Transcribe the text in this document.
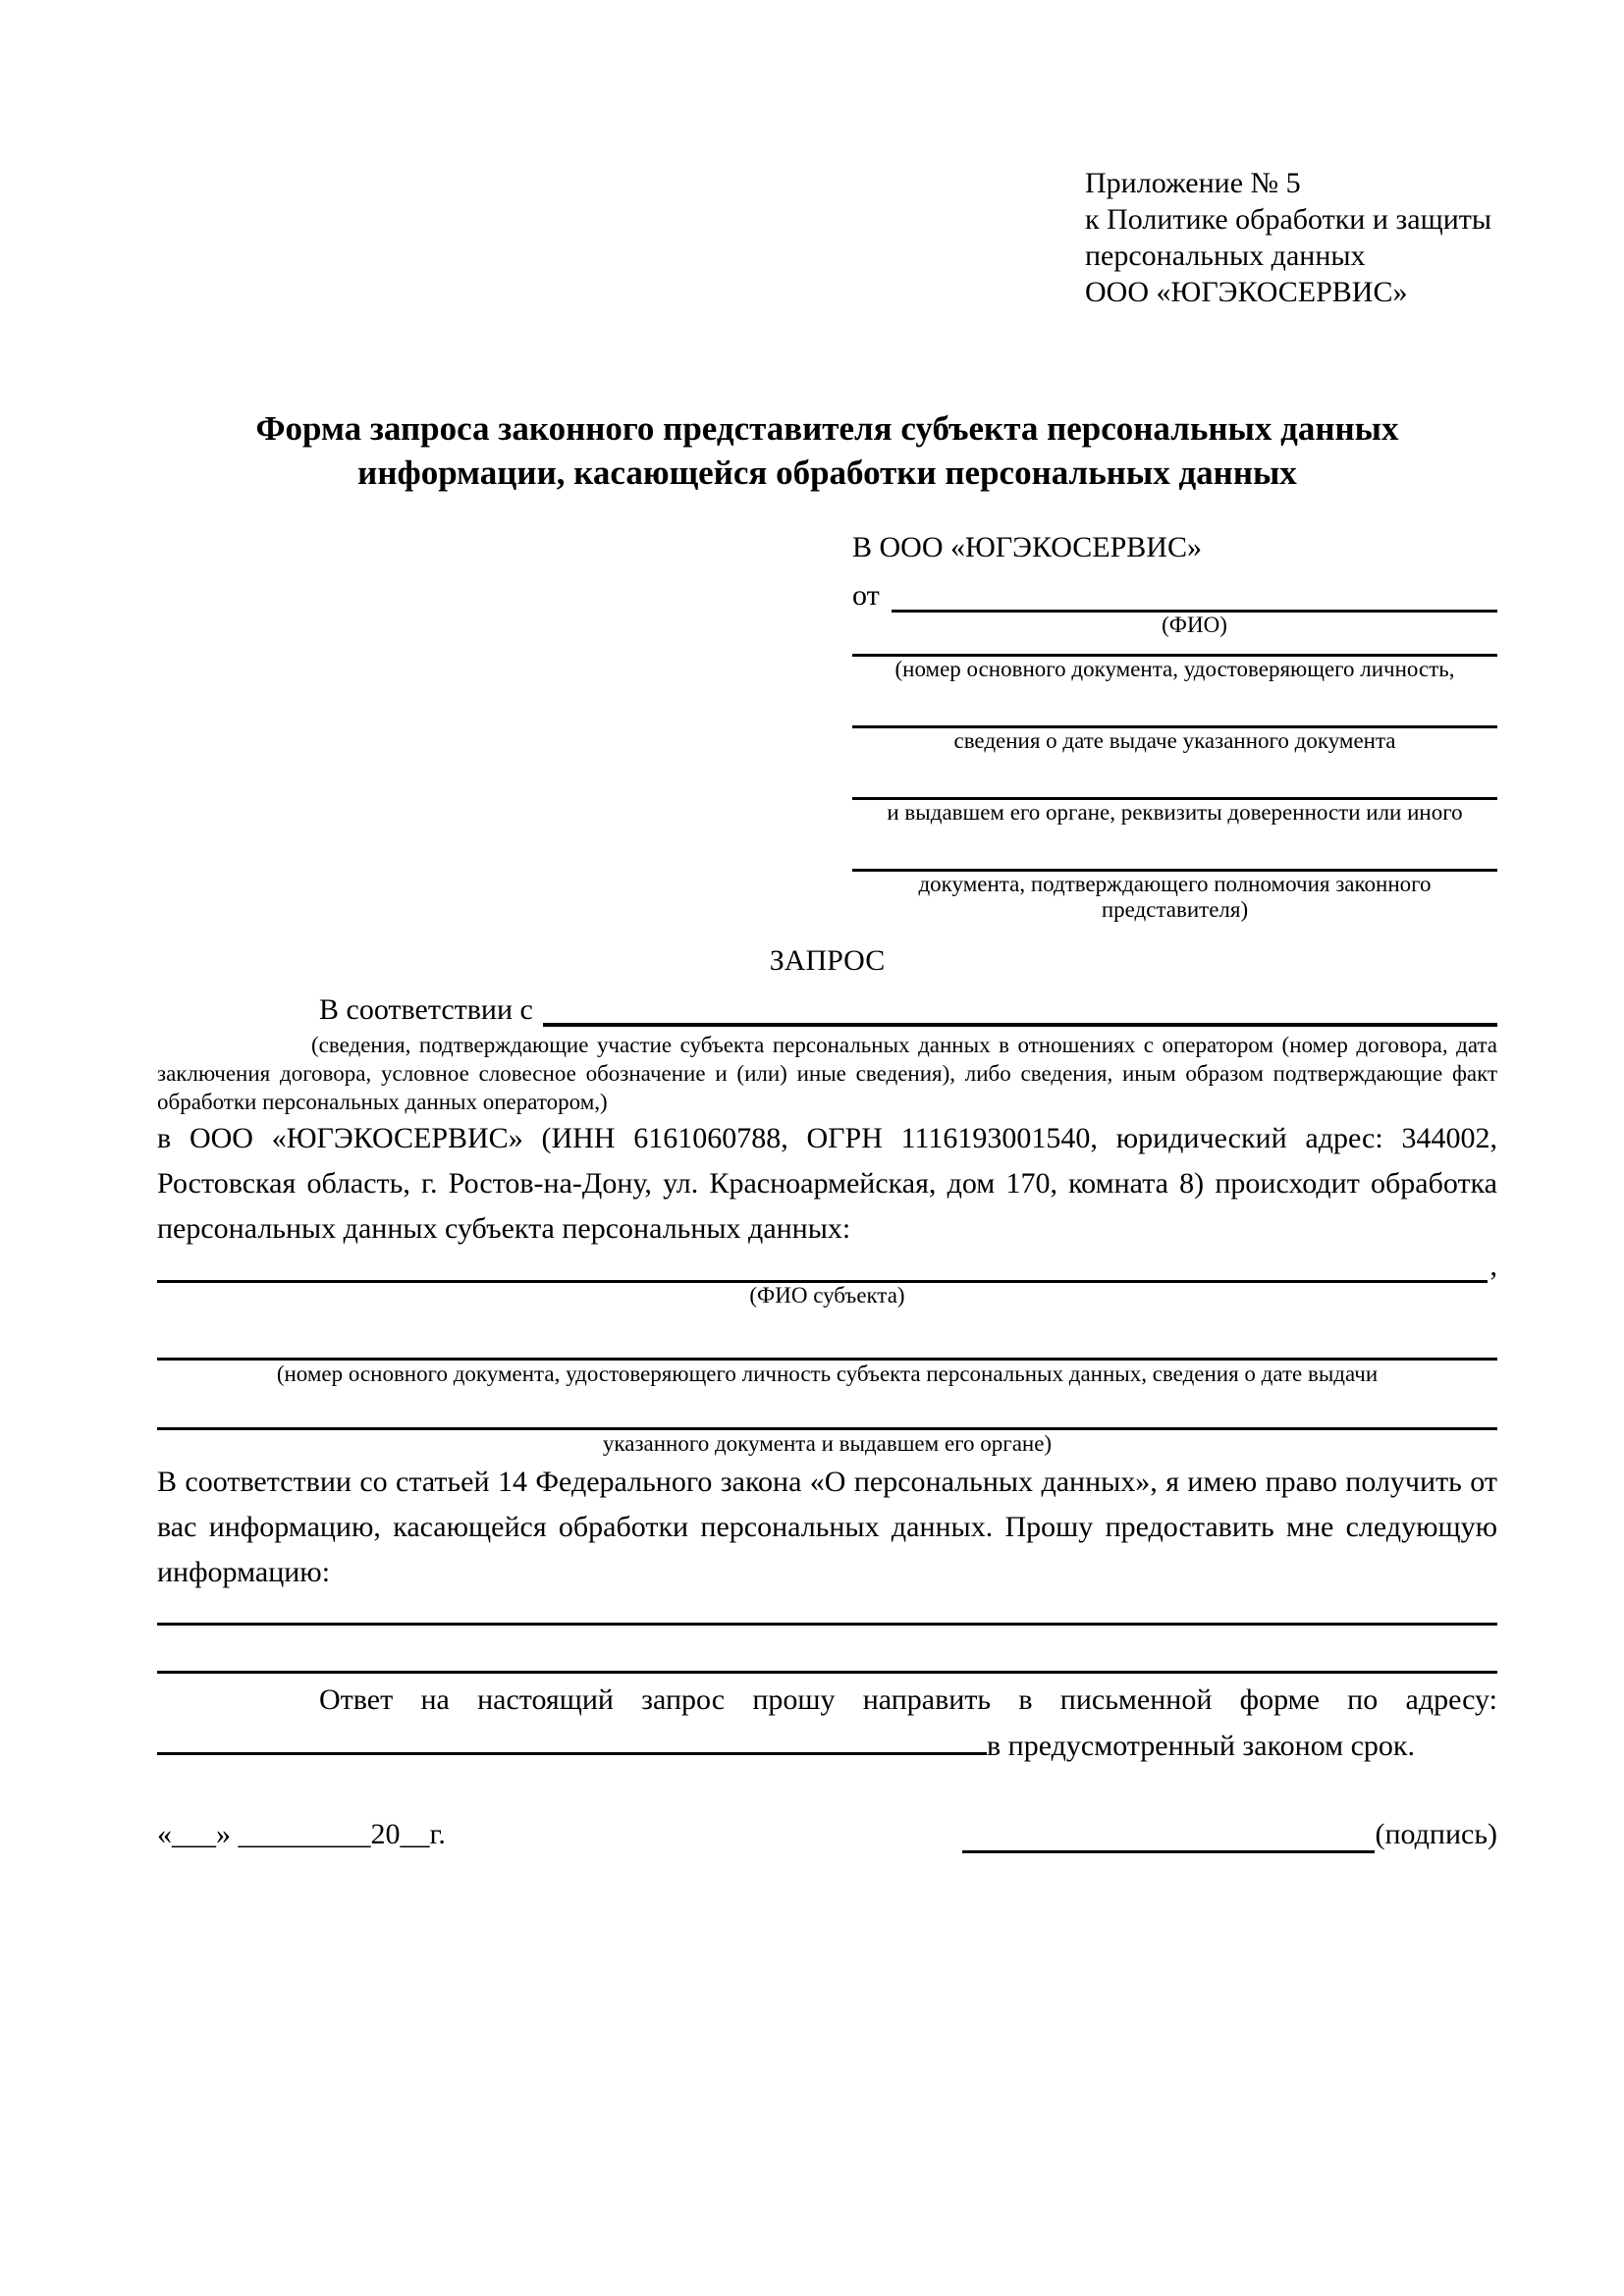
Приложение № 5
к Политике обработки и защиты
персональных данных
ООО «ЮГЭКОСЕРВИС»
Форма запроса законного представителя субъекта персональных данных
информации, касающейся обработки персональных данных
В ООО «ЮГЭКОСЕРВИС»
от
(ФИО)
(номер основного документа, удостоверяющего личность,
сведения о дате выдаче указанного документа
и выдавшем его органе, реквизиты доверенности или иного
документа, подтверждающего полномочия законного представителя)
ЗАПРОС
В соответствии с
(сведения, подтверждающие участие субъекта персональных данных в отношениях с оператором (номер договора, дата заключения договора, условное словесное обозначение и (или) иные сведения), либо сведения, иным образом подтверждающие факт обработки персональных данных оператором,)

в ООО «ЮГЭКОСЕРВИС» (ИНН 6161060788, ОГРН 1116193001540, юридический адрес: 344002, Ростовская область, г. Ростов-на-Дону, ул. Красноармейская, дом 170, комната 8) происходит обработка персональных данных субъекта персональных данных:

,
(ФИО субъекта)
(номер основного документа, удостоверяющего личность субъекта персональных данных, сведения о дате выдачи
указанного документа и выдавшем его органе)

В соответствии со статьей 14 Федерального закона «О персональных данных», я имею право получить от вас информацию, касающейся обработки персональных данных. Прошу предоставить мне следующую информацию:

Ответ на настоящий запрос прошу направить в письменной форме по адресу: в предусмотренный законом срок.

«___» _________20__г.	(подпись)
